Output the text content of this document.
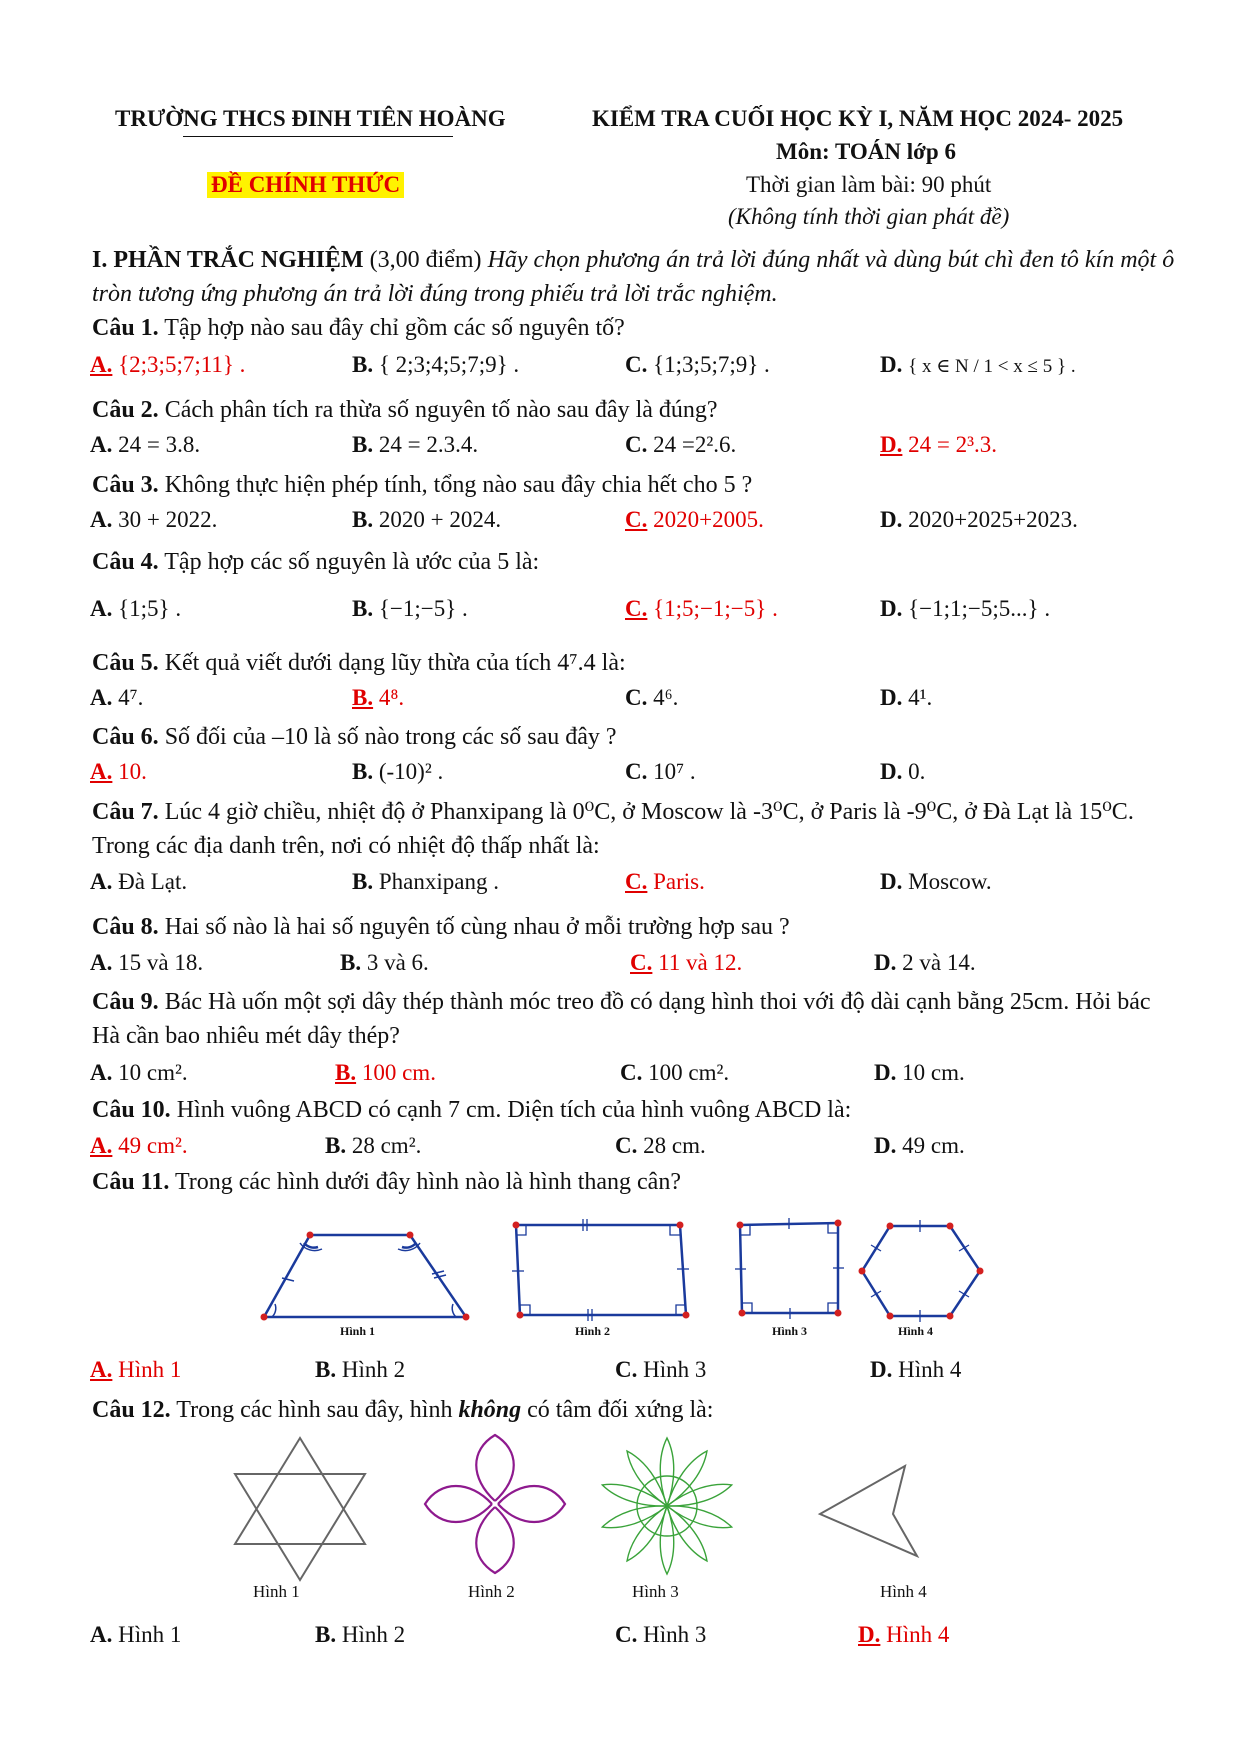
TRƯỜNG THCS ĐINH TIÊN HOÀNG
ĐỀ CHÍNH THỨC
KIỂM TRA CUỐI HỌC KỲ I, NĂM HỌC 2024- 2025
Môn: TOÁN lớp 6
Thời gian làm bài: 90 phút
(Không tính thời gian phát đề)
I. PHẦN TRẮC NGHIỆM (3,00 điểm) Hãy chọn phương án trả lời đúng nhất và dùng bút chì đen tô kín một ô tròn tương ứng phương án trả lời đúng trong phiếu trả lời trắc nghiệm.
Câu 1. Tập hợp nào sau đây chỉ gồm các số nguyên tố?
A. {2;3;5;7;11} .	B. { 2;3;4;5;7;9} .	C. {1;3;5;7;9} .	D. { x ∈ N / 1 < x ≤ 5 } .
Câu 2. Cách phân tích ra thừa số nguyên tố nào sau đây là đúng?
A. 24 = 3.8.	B. 24 = 2.3.4.	C. 24 =2².6.	D. 24 = 2³.3.
Câu 3. Không thực hiện phép tính, tổng nào sau đây chia hết cho 5 ?
A. 30 + 2022.	B. 2020 + 2024.	C. 2020+2005.	D. 2020+2025+2023.
Câu 4. Tập hợp các số nguyên là ước của 5 là:
A. {1;5} .	B. {−1;−5} .	C. {1;5;−1;−5} .	D. {−1;1;−5;5...} .
Câu 5. Kết quả viết dưới dạng lũy thừa của tích 4⁷.4 là:
A. 4⁷.	B. 4⁸.	C. 4⁶.	D. 4¹.
Câu 6. Số đối của –10 là số nào trong các số sau đây ?
A. 10.	B. (-10)² .	C. 10⁷ .	D. 0.
Câu 7. Lúc 4 giờ chiều, nhiệt độ ở Phanxipang là 0⁰C, ở Moscow là -3⁰C, ở Paris là -9⁰C, ở Đà Lạt là 15⁰C. Trong các địa danh trên, nơi có nhiệt độ thấp nhất là:
A. Đà Lạt.	B. Phanxipang .	C. Paris.	D. Moscow.
Câu 8. Hai số nào là hai số nguyên tố cùng nhau ở mỗi trường hợp sau ?
A. 15 và 18.	B. 3 và 6.	C. 11 và 12.	D. 2 và 14.
Câu 9. Bác Hà uốn một sợi dây thép thành móc treo đồ có dạng hình thoi với độ dài cạnh bằng 25cm. Hỏi bác Hà cần bao nhiêu mét dây thép?
A. 10 cm².	B. 100 cm.	C. 100 cm².	D. 10 cm.
Câu 10. Hình vuông ABCD có cạnh 7 cm. Diện tích của hình vuông ABCD là:
A. 49 cm².	B. 28 cm².	C. 28 cm.	D. 49 cm.
Câu 11. Trong các hình dưới đây hình nào là hình thang cân?
Hình 1	Hình 2	Hình 3	Hình 4
A. Hình 1	B. Hình 2	C. Hình 3	D. Hình 4
Câu 12. Trong các hình sau đây, hình không có tâm đối xứng là:
Hình 1	Hình 2	Hình 3	Hình 4
A. Hình 1	B. Hình 2	C. Hình 3	D. Hình 4
